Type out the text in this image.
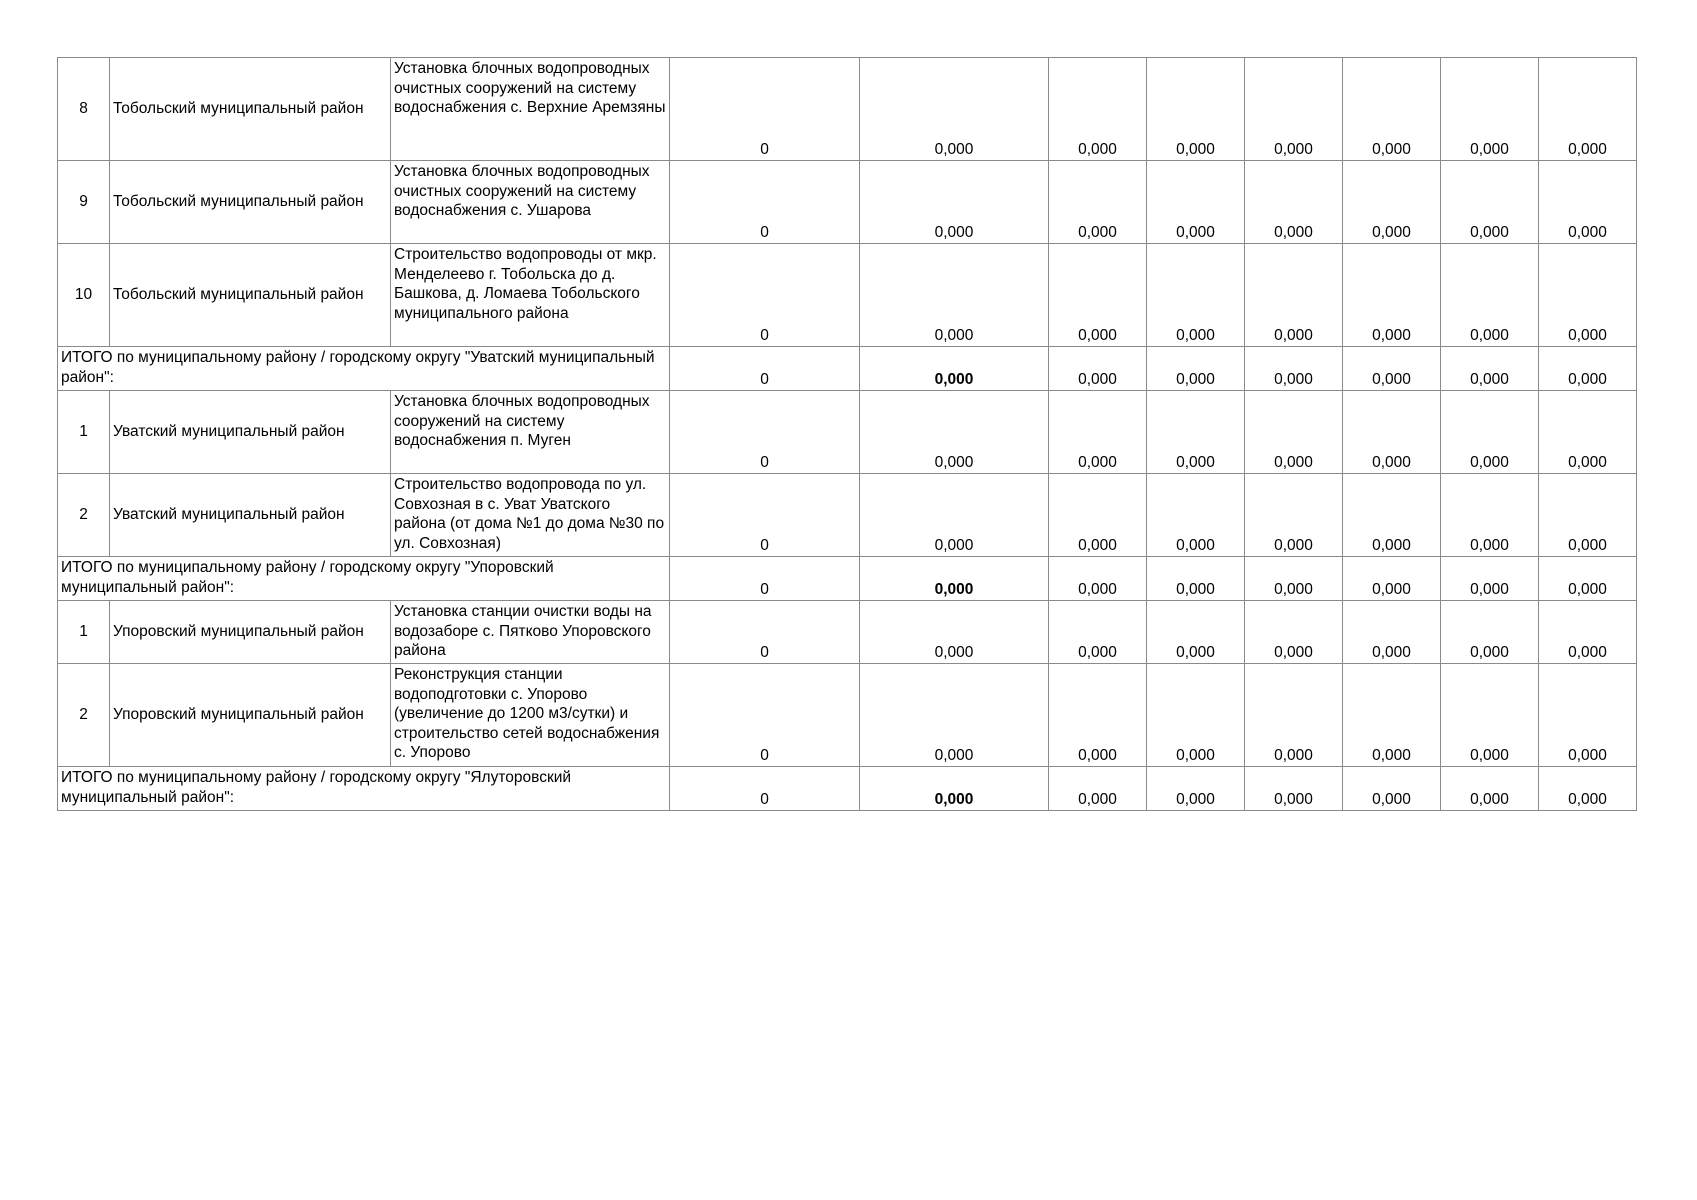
8	Тобольский муниципальный район	Установка блочных водопроводных очистных сооружений на систему водоснабжения с. Верхние Аремзяны	0	0,000	0,000	0,000	0,000	0,000	0,000	0,000
9	Тобольский муниципальный район	Установка блочных водопроводных очистных сооружений на систему водоснабжения с. Ушарова	0	0,000	0,000	0,000	0,000	0,000	0,000	0,000
10	Тобольский муниципальный район	Строительство водопроводы от мкр. Менделеево г. Тобольска до д. Башкова, д. Ломаева Тобольского муниципального района	0	0,000	0,000	0,000	0,000	0,000	0,000	0,000
ИТОГО по муниципальному району / городскому округу "Уватский муниципальный район":			0	0,000	0,000	0,000	0,000	0,000	0,000	0,000
1	Уватский муниципальный район	Установка блочных водопроводных сооружений на систему водоснабжения п. Муген	0	0,000	0,000	0,000	0,000	0,000	0,000	0,000
2	Уватский муниципальный район	Строительство водопровода по ул. Совхозная в с. Уват Уватского района (от дома №1 до дома №30 по ул. Совхозная)	0	0,000	0,000	0,000	0,000	0,000	0,000	0,000
ИТОГО по муниципальному району / городскому округу "Упоровский муниципальный район":			0	0,000	0,000	0,000	0,000	0,000	0,000	0,000
1	Упоровский муниципальный район	Установка станции очистки воды на водозаборе с. Пятково Упоровского района	0	0,000	0,000	0,000	0,000	0,000	0,000	0,000
2	Упоровский муниципальный район	Реконструкция станции водоподготовки с. Упорово (увеличение до 1200 м3/сутки) и строительство сетей водоснабжения с. Упорово	0	0,000	0,000	0,000	0,000	0,000	0,000	0,000
ИТОГО по муниципальному району / городскому округу "Ялуторовский муниципальный район":			0	0,000	0,000	0,000	0,000	0,000	0,000	0,000
